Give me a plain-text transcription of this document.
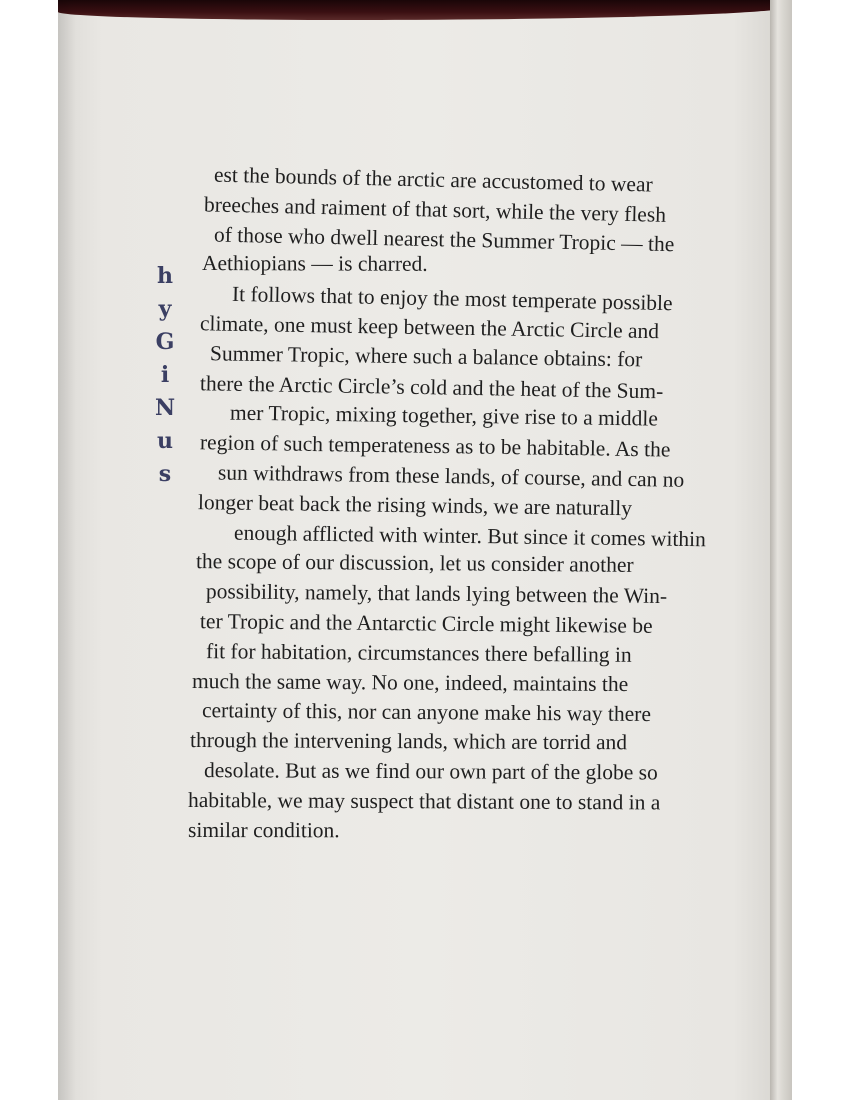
h
y
G
i
N
u
s
est the bounds of the arctic are accustomed to wear
breeches and raiment of that sort, while the very flesh
of those who dwell nearest the Summer Tropic — the
Aethiopians — is charred.
It follows that to enjoy the most temperate possible
climate, one must keep between the Arctic Circle and
Summer Tropic, where such a balance obtains: for
there the Arctic Circle’s cold and the heat of the Sum-
mer Tropic, mixing together, give rise to a middle
region of such temperateness as to be habitable. As the
sun withdraws from these lands, of course, and can no
longer beat back the rising winds, we are naturally
enough afflicted with winter. But since it comes within
the scope of our discussion, let us consider another
possibility, namely, that lands lying between the Win-
ter Tropic and the Antarctic Circle might likewise be
fit for habitation, circumstances there befalling in
much the same way. No one, indeed, maintains the
certainty of this, nor can anyone make his way there
through the intervening lands, which are torrid and
desolate. But as we find our own part of the globe so
habitable, we may suspect that distant one to stand in a
similar condition.
